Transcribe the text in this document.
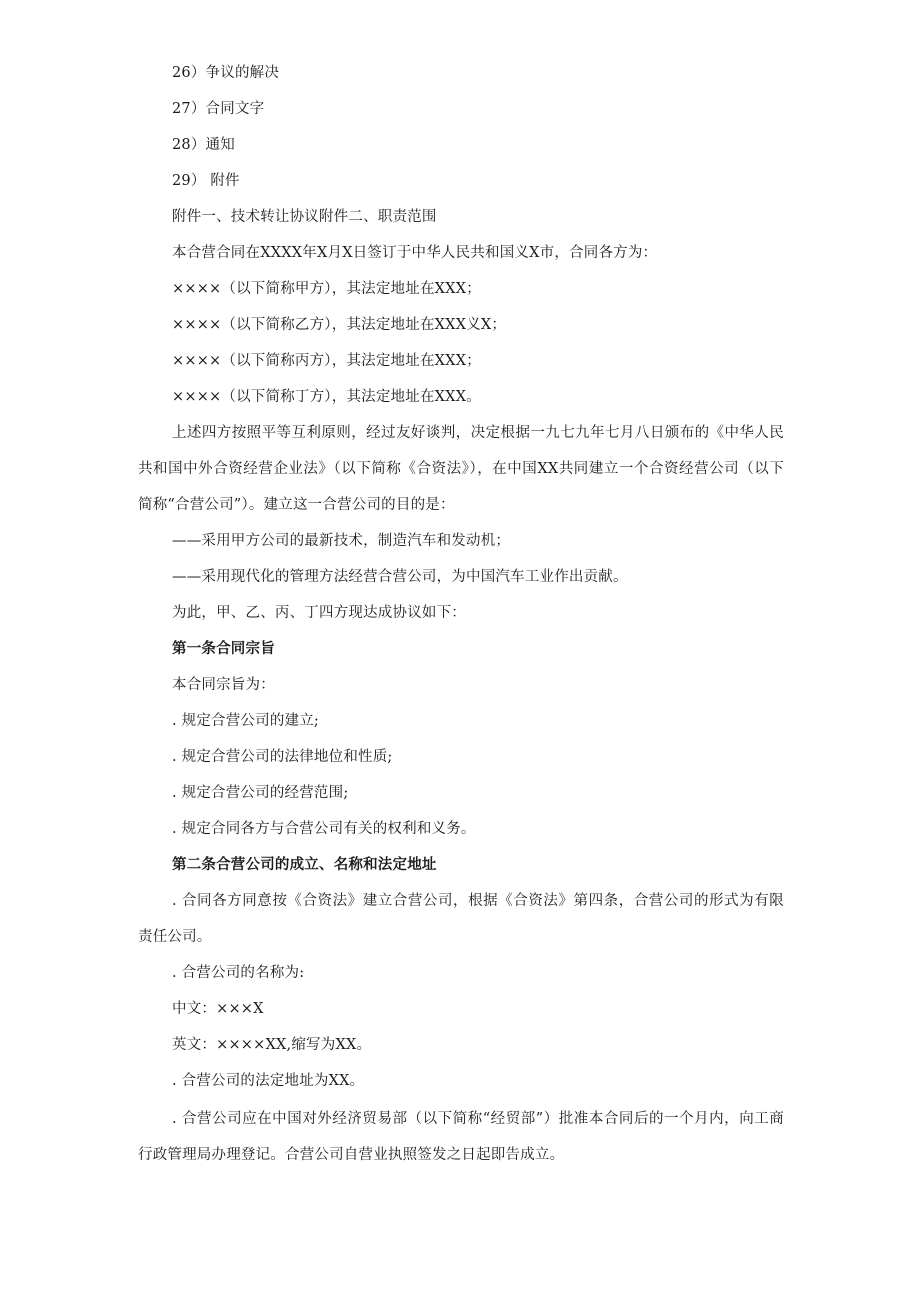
26）争议的解决
27）合同文字
28）通知
29） 附件
附件一、技术转让协议附件二、职责范围
本合营合同在XXXX年X月X日签订于中华人民共和国义X市，合同各方为：
××××（以下简称甲方），其法定地址在XXX；
××××（以下简称乙方），其法定地址在XXX义X；
××××（以下简称丙方），其法定地址在XXX；
××××（以下简称丁方），其法定地址在XXX。
上述四方按照平等互利原则，经过友好谈判，决定根据一九七九年七月八日颁布的《中华人民共和国中外合资经营企业法》（以下简称《合资法》），在中国XX共同建立一个合资经营公司（以下简称“合营公司”）。建立这一合营公司的目的是：
——采用甲方公司的最新技术，制造汽车和发动机；
——采用现代化的管理方法经营合营公司，为中国汽车工业作出贡献。
为此，甲、乙、丙、丁四方现达成协议如下：
第一条合同宗旨
本合同宗旨为：
. 规定合营公司的建立;
. 规定合营公司的法律地位和性质;
. 规定合营公司的经营范围;
. 规定合同各方与合营公司有关的权利和义务。
第二条合营公司的成立、名称和法定地址
. 合同各方同意按《合资法》建立合营公司，根据《合资法》第四条，合营公司的形式为有限责任公司。
. 合营公司的名称为:
中文：×××X
英文：××××XX,缩写为XX。
. 合营公司的法定地址为XX。
. 合营公司应在中国对外经济贸易部（以下简称“经贸部”）批准本合同后的一个月内，向工商行政管理局办理登记。合营公司自营业执照签发之日起即告成立。
